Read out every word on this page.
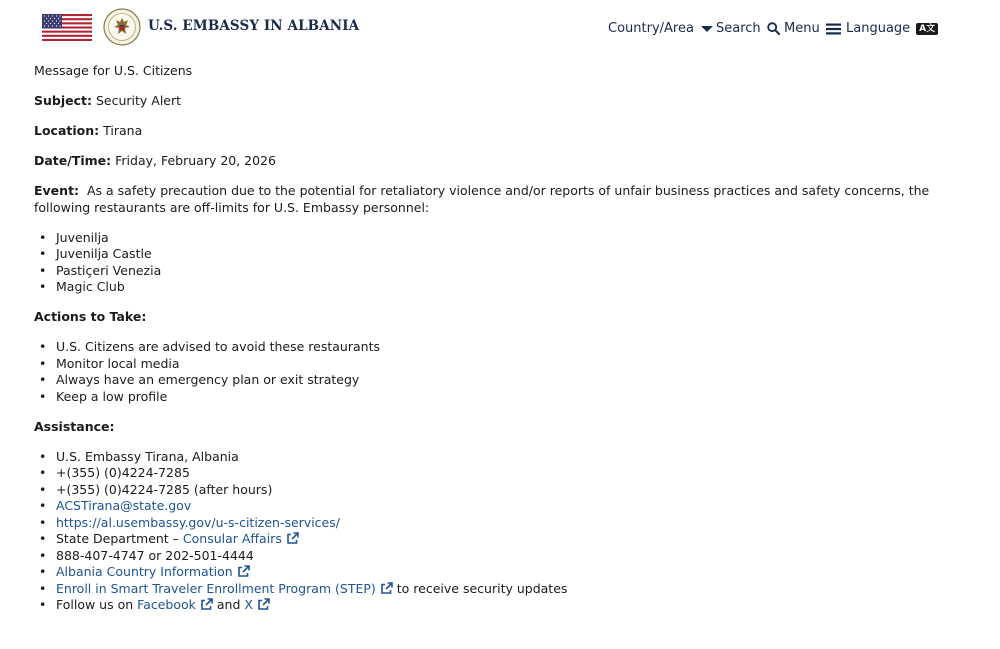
U.S. EMBASSY IN ALBANIA	Country/Area Search Menu Language	A文

Message for U.S. Citizens

Subject: Security Alert

Location: Tirana

Date/Time: Friday, February 20, 2026

Event: As a safety precaution due to the potential for retaliatory violence and/or reports of unfair business practices and safety concerns, the following restaurants are off-limits for U.S. Embassy personnel:

• Juvenilja
• Juvenilja Castle
• Pastiçeri Venezia
• Magic Club

Actions to Take:

• U.S. Citizens are advised to avoid these restaurants
• Monitor local media
• Always have an emergency plan or exit strategy
• Keep a low profile

Assistance:

• U.S. Embassy Tirana, Albania
• +(355) (0)4224-7285
• +(355) (0)4224-7285 (after hours)
• ACSTirana@state.gov
• https://al.usembassy.gov/u-s-citizen-services/
• State Department – Consular Affairs
• 888-407-4747 or 202-501-4444
• Albania Country Information
• Enroll in Smart Traveler Enrollment Program (STEP) to receive security updates
• Follow us on Facebook and X
